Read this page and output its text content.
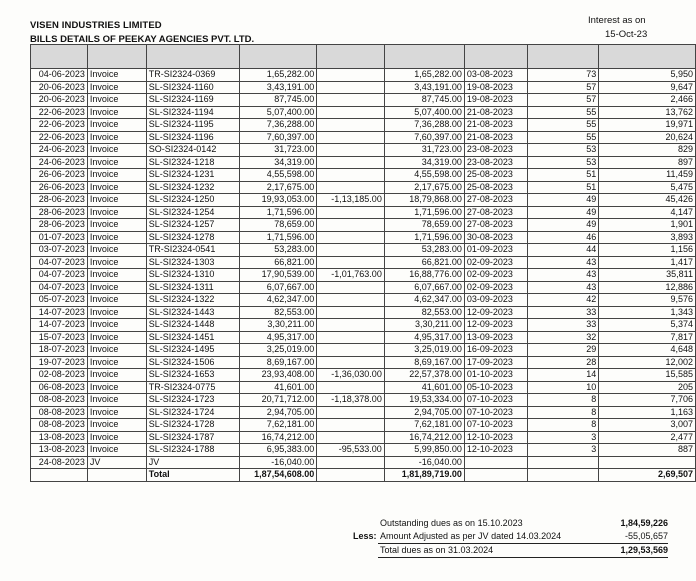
VISEN INDUSTRIES LIMITED
BILLS DETAILS OF PEEKAY AGENCIES PVT. LTD.
Interest as on
15-Oct-23

04-06-2023	Invoice	TR-SI2324-0369	1,65,282.00		1,65,282.00	03-08-2023	73	5,950
20-06-2023	Invoice	SL-SI2324-1160	3,43,191.00		3,43,191.00	19-08-2023	57	9,647
20-06-2023	Invoice	SL-SI2324-1169	87,745.00		87,745.00	19-08-2023	57	2,466
22-06-2023	Invoice	SL-SI2324-1194	5,07,400.00		5,07,400.00	21-08-2023	55	13,762
22-06-2023	Invoice	SL-SI2324-1195	7,36,288.00		7,36,288.00	21-08-2023	55	19,971
22-06-2023	Invoice	SL-SI2324-1196	7,60,397.00		7,60,397.00	21-08-2023	55	20,624
24-06-2023	Invoice	SO-SI2324-0142	31,723.00		31,723.00	23-08-2023	53	829
24-06-2023	Invoice	SL-SI2324-1218	34,319.00		34,319.00	23-08-2023	53	897
26-06-2023	Invoice	SL-SI2324-1231	4,55,598.00		4,55,598.00	25-08-2023	51	11,459
26-06-2023	Invoice	SL-SI2324-1232	2,17,675.00		2,17,675.00	25-08-2023	51	5,475
28-06-2023	Invoice	SL-SI2324-1250	19,93,053.00	-1,13,185.00	18,79,868.00	27-08-2023	49	45,426
28-06-2023	Invoice	SL-SI2324-1254	1,71,596.00		1,71,596.00	27-08-2023	49	4,147
28-06-2023	Invoice	SL-SI2324-1257	78,659.00		78,659.00	27-08-2023	49	1,901
01-07-2023	Invoice	SL-SI2324-1278	1,71,596.00		1,71,596.00	30-08-2023	46	3,893
03-07-2023	Invoice	TR-SI2324-0541	53,283.00		53,283.00	01-09-2023	44	1,156
04-07-2023	Invoice	SL-SI2324-1303	66,821.00		66,821.00	02-09-2023	43	1,417
04-07-2023	Invoice	SL-SI2324-1310	17,90,539.00	-1,01,763.00	16,88,776.00	02-09-2023	43	35,811
04-07-2023	Invoice	SL-SI2324-1311	6,07,667.00		6,07,667.00	02-09-2023	43	12,886
05-07-2023	Invoice	SL-SI2324-1322	4,62,347.00		4,62,347.00	03-09-2023	42	9,576
14-07-2023	Invoice	SL-SI2324-1443	82,553.00		82,553.00	12-09-2023	33	1,343
14-07-2023	Invoice	SL-SI2324-1448	3,30,211.00		3,30,211.00	12-09-2023	33	5,374
15-07-2023	Invoice	SL-SI2324-1451	4,95,317.00		4,95,317.00	13-09-2023	32	7,817
18-07-2023	Invoice	SL-SI2324-1495	3,25,019.00		3,25,019.00	16-09-2023	29	4,648
19-07-2023	Invoice	SL-SI2324-1506	8,69,167.00		8,69,167.00	17-09-2023	28	12,002
02-08-2023	Invoice	SL-SI2324-1653	23,93,408.00	-1,36,030.00	22,57,378.00	01-10-2023	14	15,585
06-08-2023	Invoice	TR-SI2324-0775	41,601.00		41,601.00	05-10-2023	10	205
08-08-2023	Invoice	SL-SI2324-1723	20,71,712.00	-1,18,378.00	19,53,334.00	07-10-2023	8	7,706
08-08-2023	Invoice	SL-SI2324-1724	2,94,705.00		2,94,705.00	07-10-2023	8	1,163
08-08-2023	Invoice	SL-SI2324-1728	7,62,181.00		7,62,181.00	07-10-2023	8	3,007
13-08-2023	Invoice	SL-SI2324-1787	16,74,212.00		16,74,212.00	12-10-2023	3	2,477
13-08-2023	Invoice	SL-SI2324-1788	6,95,383.00	-95,533.00	5,99,850.00	12-10-2023	3	887
24-08-2023	JV	JV	-16,040.00		-16,040.00			
		Total	1,87,54,608.00		1,81,89,719.00			2,69,507
Outstanding dues as on 15.10.2023	1,84,59,226
Less: Amount Adjusted as per JV dated 14.03.2024	-55,05,657
Total dues as on 31.03.2024	1,29,53,569
